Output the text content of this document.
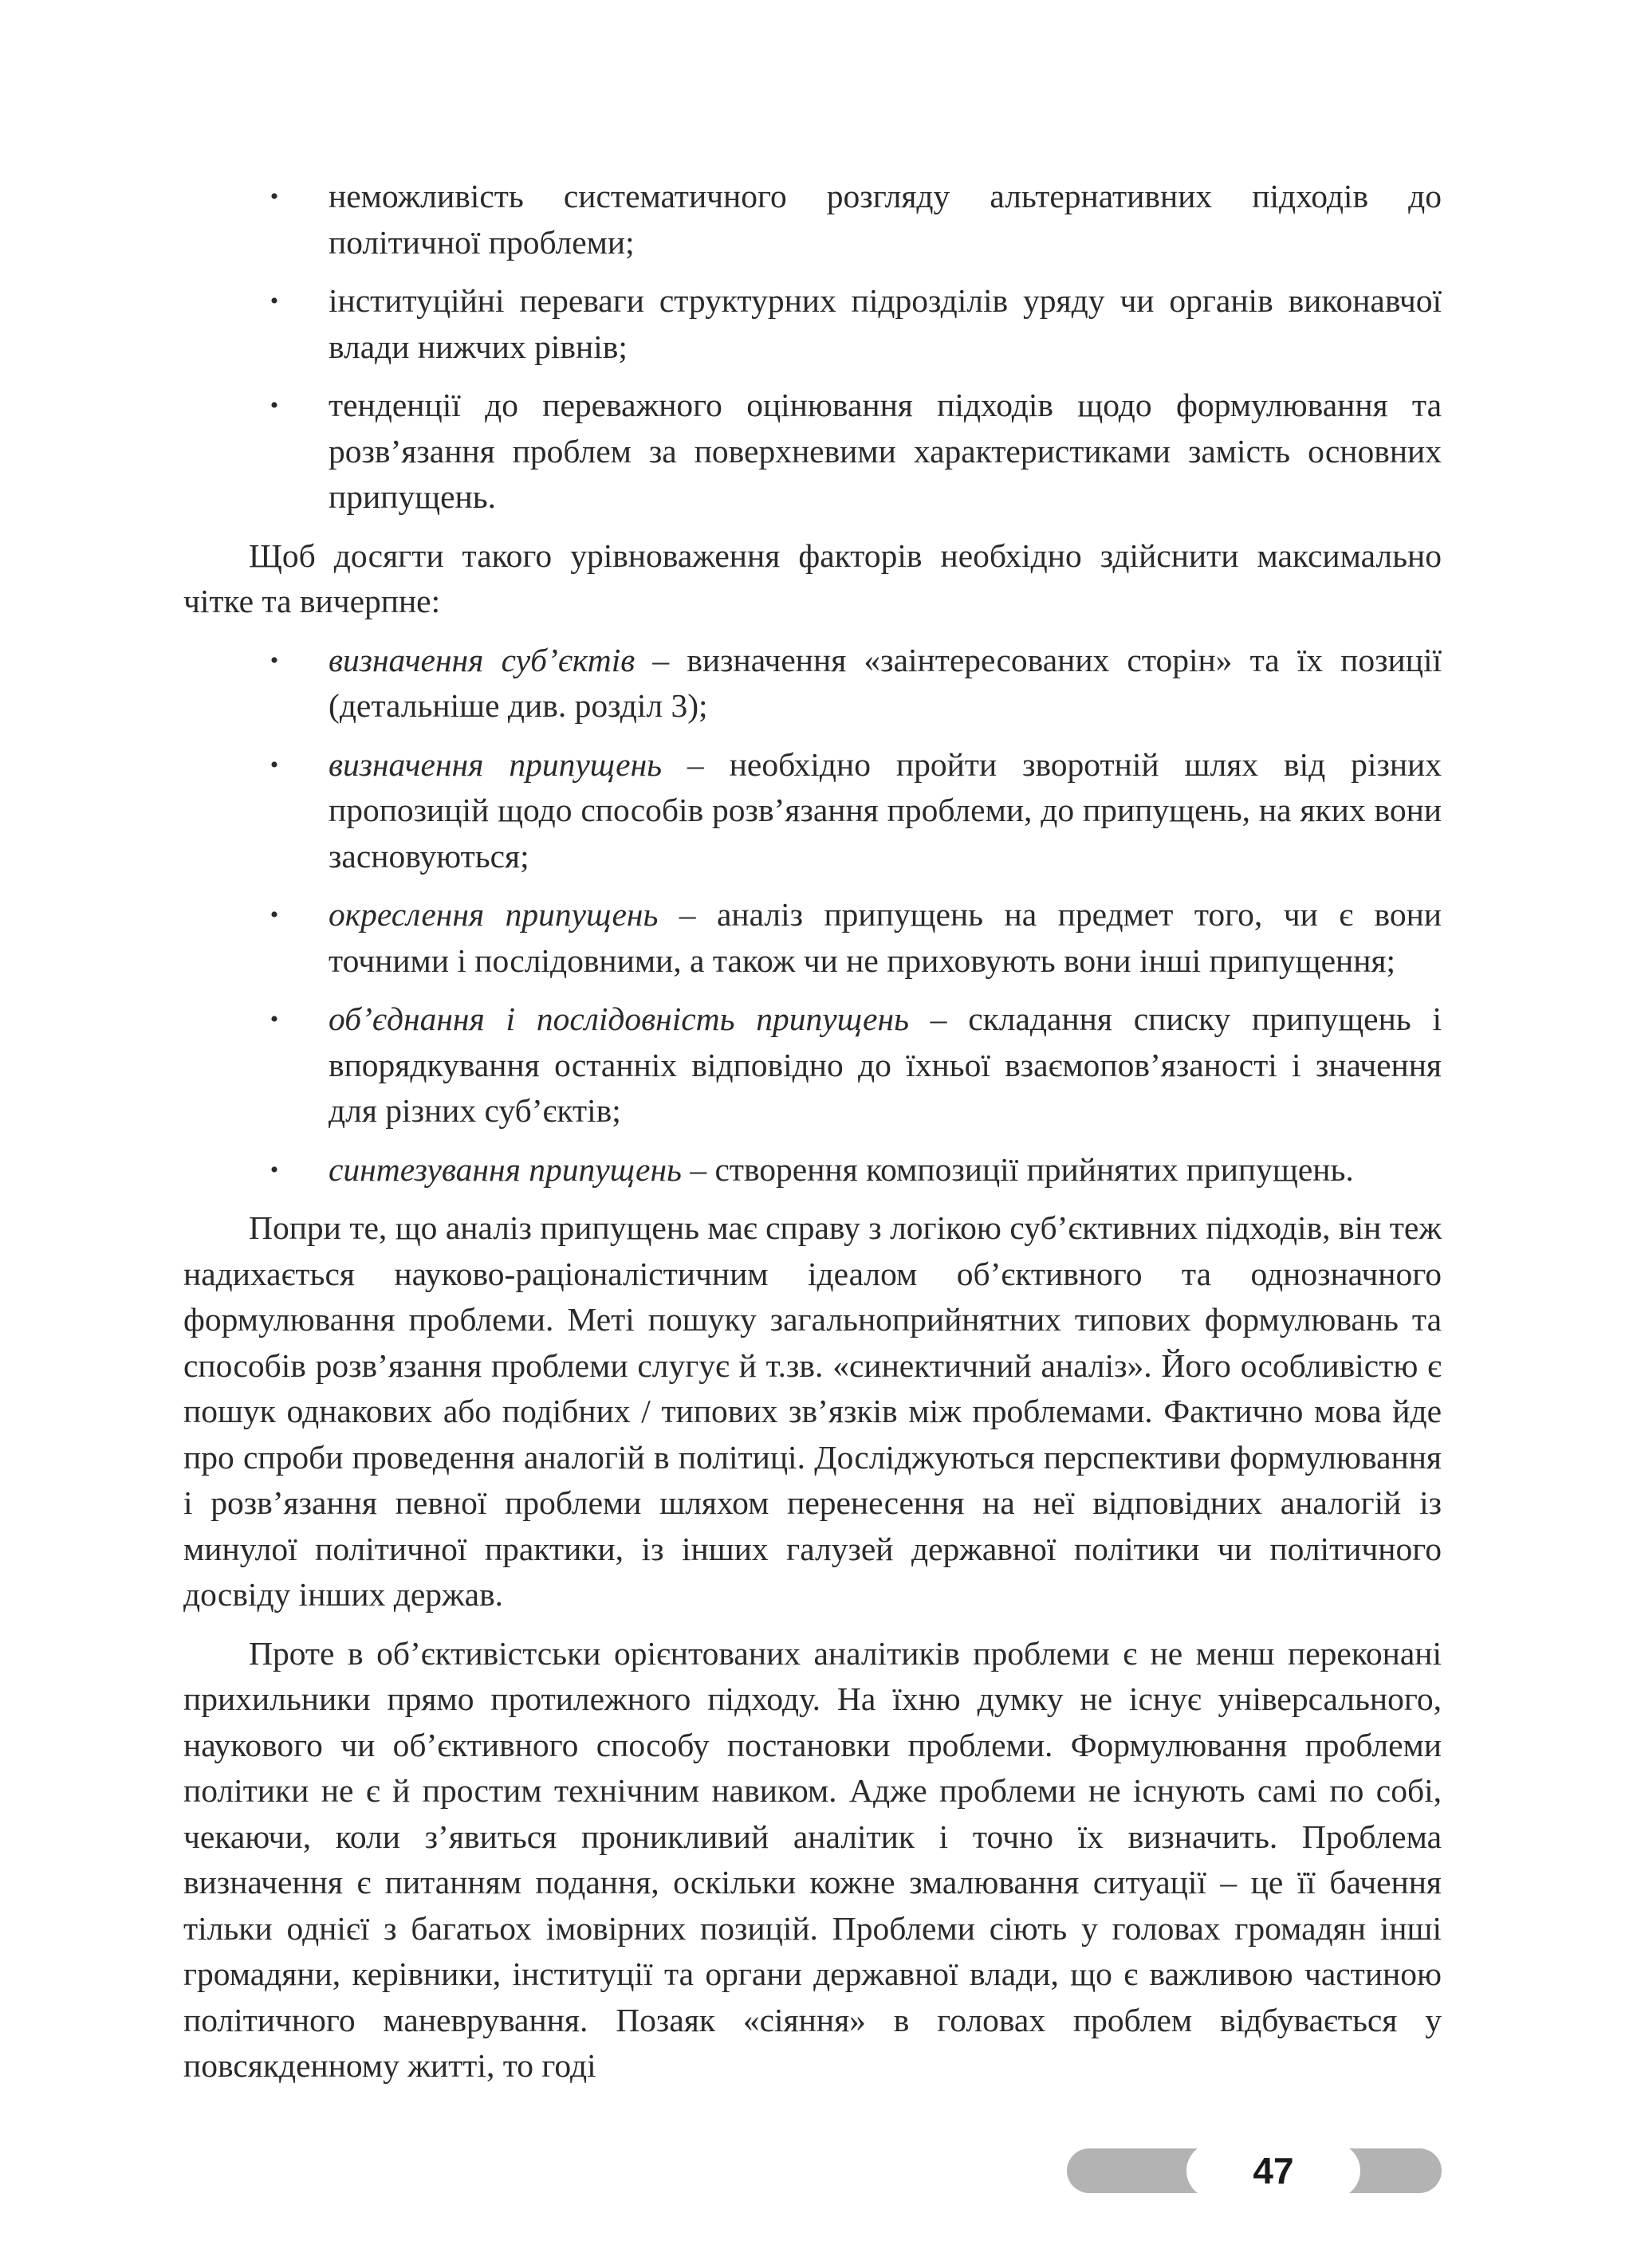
• неможливість систематичного розгляду альтернативних підходів до політичної проблеми;
• інституційні переваги структурних підрозділів уряду чи органів виконавчої влади нижчих рівнів;
• тенденції до переважного оцінювання підходів щодо формулювання та розв’язання проблем за поверхневими характеристиками замість основних припущень.

Щоб досягти такого урівноваження факторів необхідно здійснити максимально чітке та вичерпне:

• визначення суб’єктів – визначення «заінтересованих сторін» та їх позиції (детальніше див. розділ 3);
• визначення припущень – необхідно пройти зворотній шлях від різних пропозицій щодо способів розв’язання проблеми, до припущень, на яких вони засновуються;
• окреслення припущень – аналіз припущень на предмет того, чи є вони точними і послідовними, а також чи не приховують вони інші припущення;
• об’єднання і послідовність припущень – складання списку припущень і впорядкування останніх відповідно до їхньої взаємопов’язаності і значення для різних суб’єктів;
• синтезування припущень – створення композиції прийнятих припущень.

Попри те, що аналіз припущень має справу з логікою суб’єктивних підходів, він теж надихається науково-раціоналістичним ідеалом об’єктивного та однозначного формулювання проблеми. Меті пошуку загальноприйнятних типових формулювань та способів розв’язання проблеми слугує й т.зв. «синектичний аналіз». Його особливістю є пошук однакових або подібних / типових зв’язків між проблемами. Фактично мова йде про спроби проведення аналогій в політиці. Досліджуються перспективи формулювання і розв’язання певної проблеми шляхом перенесення на неї відповідних аналогій із минулої політичної практики, із інших галузей державної політики чи політичного досвіду інших держав.

Проте в об’єктивістськи орієнтованих аналітиків проблеми є не менш переконані прихильники прямо протилежного підходу. На їхню думку не існує універсального, наукового чи об’єктивного способу постановки проблеми. Формулювання проблеми політики не є й простим технічним навиком. Адже проблеми не існують самі по собі, чекаючи, коли з’явиться проникливий аналітик і точно їх визначить. Проблема визначення є питанням подання, оскільки кожне змалювання ситуації – це її бачення тільки однієї з багатьох імовірних позицій. Проблеми сіють у головах громадян інші громадяни, керівники, інституції та органи державної влади, що є важливою частиною політичного маневрування. Позаяк «сіяння» в головах проблем відбувається у повсякденному житті, то годі

47
